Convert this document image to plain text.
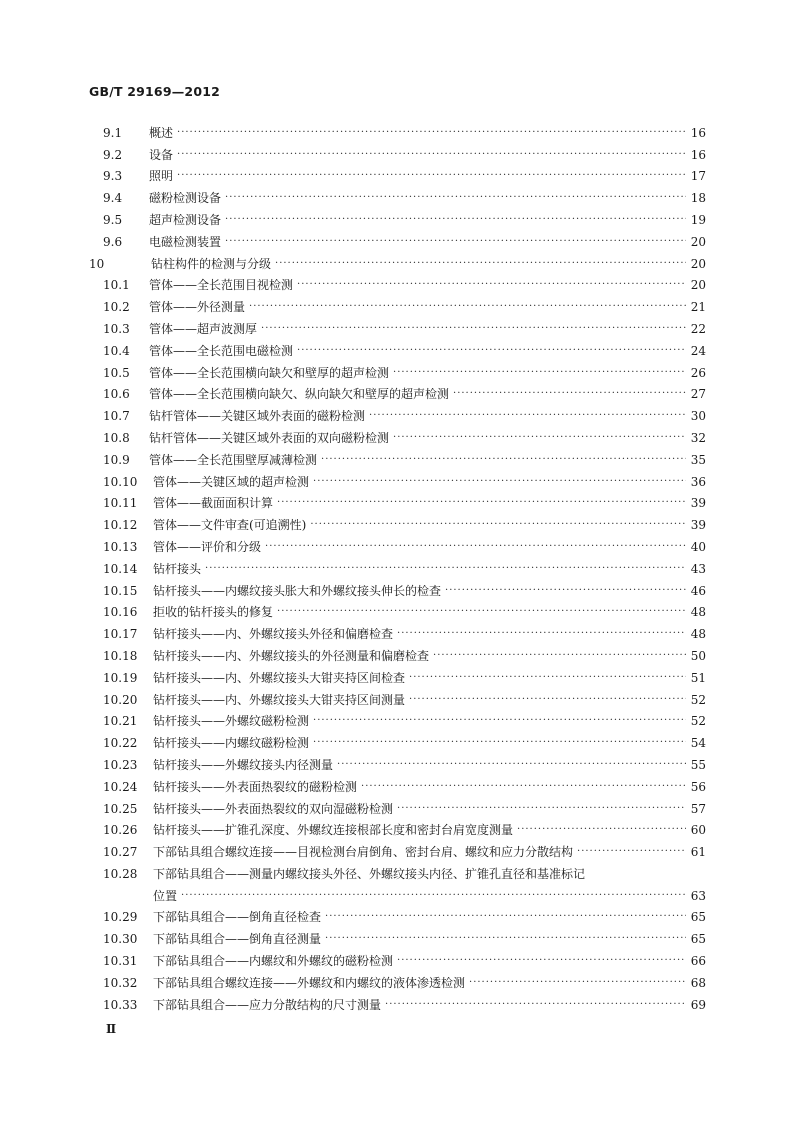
GB/T 29169—2012
9.1	概述 ·····	16
9.2	设备 ·····	16
9.3	照明 ·····	17
9.4	磁粉检测设备 ·····	18
9.5	超声检测设备 ·····	19
9.6	电磁检测装置 ·····	20
10	钻柱构件的检测与分级 ·····	20
10.1	管体——全长范围目视检测 ·····	20
10.2	管体——外径测量 ·····	21
10.3	管体——超声波测厚 ·····	22
10.4	管体——全长范围电磁检测 ·····	24
10.5	管体——全长范围横向缺欠和壁厚的超声检测 ·····	26
10.6	管体——全长范围横向缺欠、纵向缺欠和壁厚的超声检测 ·····	27
10.7	钻杆管体——关键区域外表面的磁粉检测 ·····	30
10.8	钻杆管体——关键区域外表面的双向磁粉检测 ·····	32
10.9	管体——全长范围壁厚减薄检测 ·····	35
10.10	管体——关键区域的超声检测 ·····	36
10.11	管体——截面面积计算 ·····	39
10.12	管体——文件审查(可追溯性) ·····	39
10.13	管体——评价和分级 ·····	40
10.14	钻杆接头 ·····	43
10.15	钻杆接头——内螺纹接头胀大和外螺纹接头伸长的检查 ·····	46
10.16	拒收的钻杆接头的修复 ·····	48
10.17	钻杆接头——内、外螺纹接头外径和偏磨检查 ·····	48
10.18	钻杆接头——内、外螺纹接头的外径测量和偏磨检查 ·····	50
10.19	钻杆接头——内、外螺纹接头大钳夹持区间检查 ·····	51
10.20	钻杆接头——内、外螺纹接头大钳夹持区间测量 ·····	52
10.21	钻杆接头——外螺纹磁粉检测 ·····	52
10.22	钻杆接头——内螺纹磁粉检测 ·····	54
10.23	钻杆接头——外螺纹接头内径测量 ·····	55
10.24	钻杆接头——外表面热裂纹的磁粉检测 ·····	56
10.25	钻杆接头——外表面热裂纹的双向湿磁粉检测 ·····	57
10.26	钻杆接头——扩锥孔深度、外螺纹连接根部长度和密封台肩宽度测量 ·····	60
10.27	下部钻具组合螺纹连接——目视检测台肩倒角、密封台肩、螺纹和应力分散结构 ·····	61
10.28	下部钻具组合——测量内螺纹接头外径、外螺纹接头内径、扩锥孔直径和基准标记
位置 ·····	63
10.29	下部钻具组合——倒角直径检查 ·····	65
10.30	下部钻具组合——倒角直径测量 ·····	65
10.31	下部钻具组合——内螺纹和外螺纹的磁粉检测 ·····	66
10.32	下部钻具组合螺纹连接——外螺纹和内螺纹的液体渗透检测 ·····	68
10.33	下部钻具组合——应力分散结构的尺寸测量 ·····	69
Ⅱ
